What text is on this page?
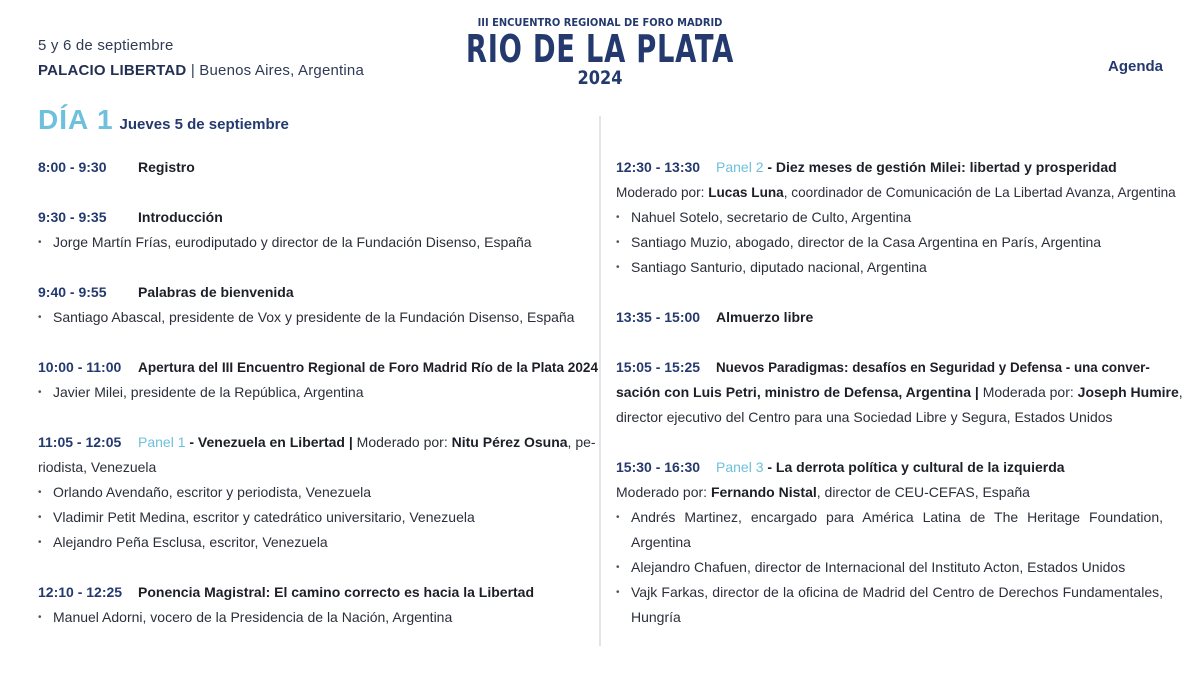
5 y 6 de septiembre
PALACIO LIBERTAD | Buenos Aires, Argentina
III ENCUENTRO REGIONAL DE FORO MADRID
RIO DE LA PLATA
2024
Agenda
DÍA 1 Jueves 5 de septiembre
8:00 - 9:30	Registro
9:30 - 9:35	Introducción
• Jorge Martín Frías, eurodiputado y director de la Fundación Disenso, España
9:40 - 9:55	Palabras de bienvenida
• Santiago Abascal, presidente de Vox y presidente de la Fundación Disenso, España
10:00 - 11:00	Apertura del III Encuentro Regional de Foro Madrid Río de la Plata 2024
• Javier Milei, presidente de la República, Argentina
11:05 - 12:05	Panel 1 - Venezuela en Libertad | Moderado por: Nitu Pérez Osuna, pe-
riodista, Venezuela
• Orlando Avendaño, escritor y periodista, Venezuela
• Vladimir Petit Medina, escritor y catedrático universitario, Venezuela
• Alejandro Peña Esclusa, escritor, Venezuela
12:10 - 12:25	Ponencia Magistral: El camino correcto es hacia la Libertad
• Manuel Adorni, vocero de la Presidencia de la Nación, Argentina
12:30 - 13:30	Panel 2 - Diez meses de gestión Milei: libertad y prosperidad
Moderado por: Lucas Luna, coordinador de Comunicación de La Libertad Avanza, Argentina
• Nahuel Sotelo, secretario de Culto, Argentina
• Santiago Muzio, abogado, director de la Casa Argentina en París, Argentina
• Santiago Santurio, diputado nacional, Argentina
13:35 - 15:00	Almuerzo libre
15:05 - 15:25	Nuevos Paradigmas: desafíos en Seguridad y Defensa - una conver-
sación con Luis Petri, ministro de Defensa, Argentina | Moderada por: Joseph Humire,
director ejecutivo del Centro para una Sociedad Libre y Segura, Estados Unidos
15:30 - 16:30	Panel 3 - La derrota política y cultural de la izquierda
Moderado por: Fernando Nistal, director de CEU-CEFAS, España
• Andrés Martinez, encargado para América Latina de The Heritage Foundation, Argentina
• Alejandro Chafuen, director de Internacional del Instituto Acton, Estados Unidos
• Vajk Farkas, director de la oficina de Madrid del Centro de Derechos Fundamentales, Hungría
